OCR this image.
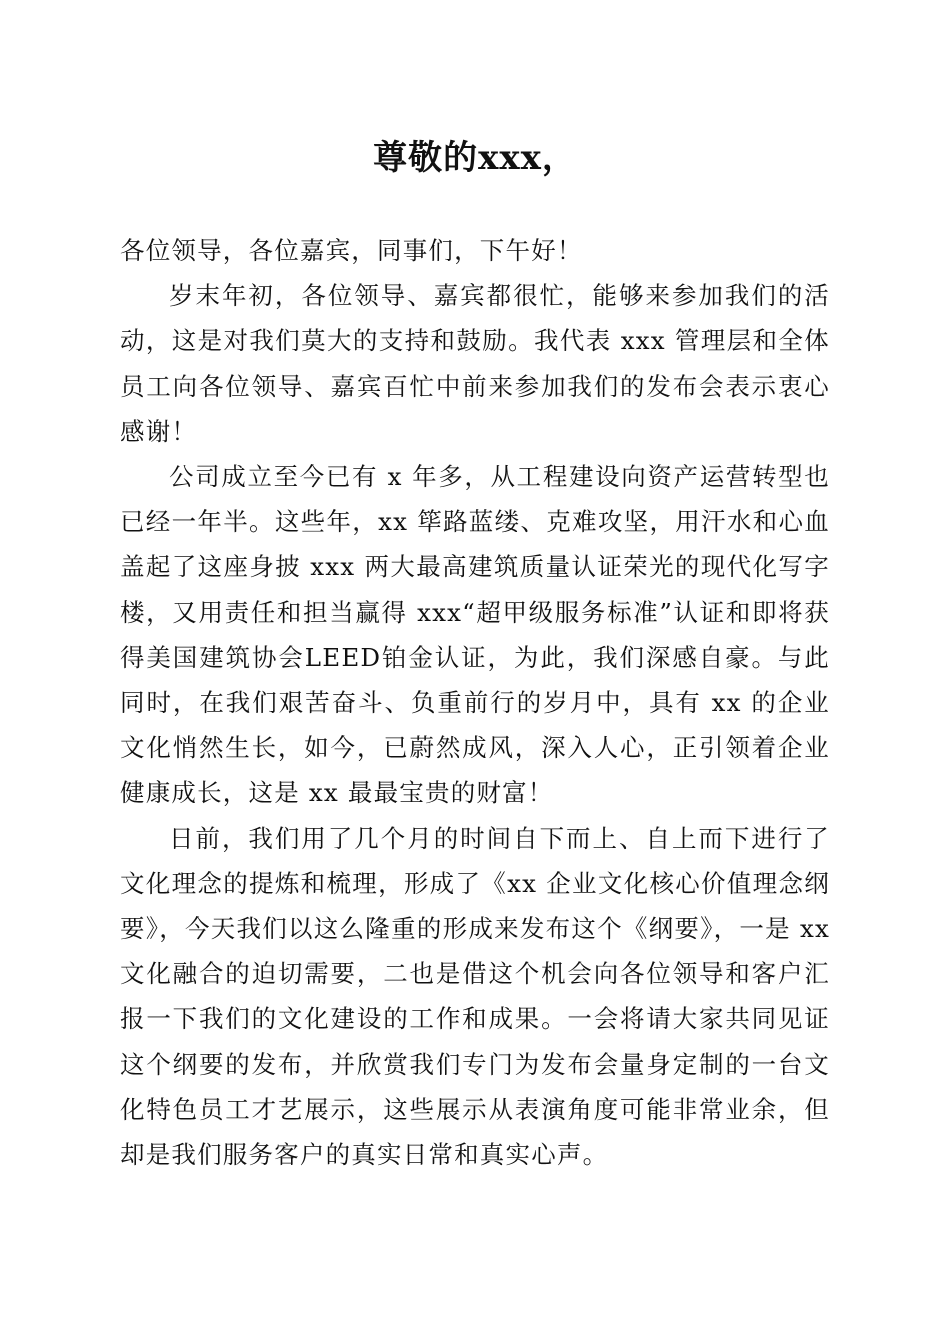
尊敬的xxx，

各位领导，各位嘉宾，同事们，下午好！

岁末年初，各位领导、嘉宾都很忙，能够来参加我们的活动，这是对我们莫大的支持和鼓励。我代表 xxx 管理层和全体员工向各位领导、嘉宾百忙中前来参加我们的发布会表示衷心感谢！

公司成立至今已有 x 年多，从工程建设向资产运营转型也已经一年半。这些年，xx 筚路蓝缕、克难攻坚，用汗水和心血盖起了这座身披 xxx 两大最高建筑质量认证荣光的现代化写字楼，又用责任和担当赢得 xxx“超甲级服务标准”认证和即将获得美国建筑协会LEED铂金认证，为此，我们深感自豪。与此同时，在我们艰苦奋斗、负重前行的岁月中，具有 xx 的企业文化悄然生长，如今，已蔚然成风，深入人心，正引领着企业健康成长，这是 xx 最最宝贵的财富！

日前，我们用了几个月的时间自下而上、自上而下进行了文化理念的提炼和梳理，形成了《xx 企业文化核心价值理念纲要》，今天我们以这么隆重的形成来发布这个《纲要》，一是 xx 文化融合的迫切需要，二也是借这个机会向各位领导和客户汇报一下我们的文化建设的工作和成果。一会将请大家共同见证这个纲要的发布，并欣赏我们专门为发布会量身定制的一台文化特色员工才艺展示，这些展示从表演角度可能非常业余，但却是我们服务客户的真实日常和真实心声。
